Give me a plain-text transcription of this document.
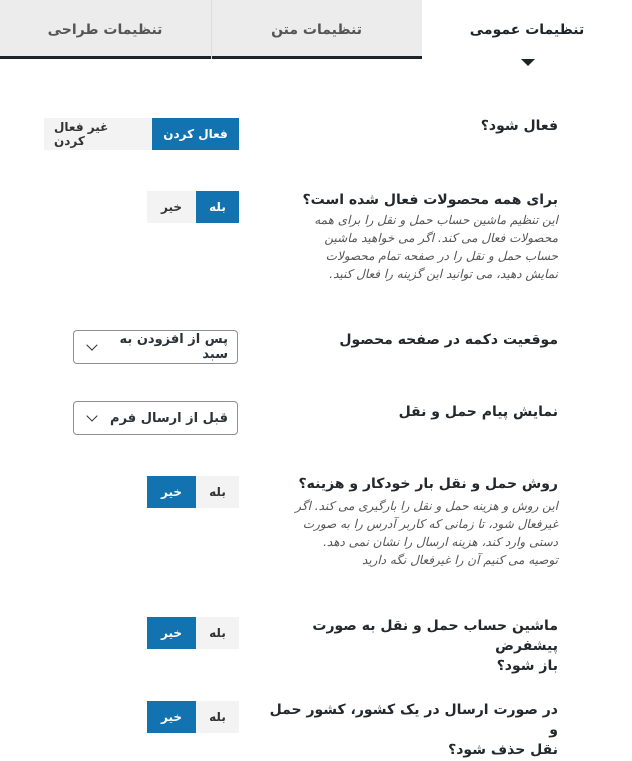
تنظیمات عمومی
تنظیمات متن
تنظیمات طراحی
فعال شود؟
غیر فعال کردن	فعال کردن
برای همه محصولات فعال شده است؟
این تنظیم ماشین حساب حمل و نقل را برای همه
محصولات فعال می کند. اگر می خواهید ماشین
حساب حمل و نقل را در صفحه تمام محصولات
نمایش دهید، می توانید این گزینه را فعال کنید.
خیر	بله
موقعیت دکمه در صفحه محصول
پس از افزودن به سبد
نمایش پیام حمل و نقل
قبل از ارسال فرم
روش حمل و نقل بار خودکار و هزینه؟
این روش و هزینه حمل و نقل را بارگیری می کند. اگر
غیرفعال شود، تا زمانی که کاربر آدرس را به صورت
دستی وارد کند، هزینه ارسال را نشان نمی دهد.
توصیه می کنیم آن را غیرفعال نگه دارید
خیر	بله
ماشین حساب حمل و نقل به صورت پیشفرض
باز شود؟
خیر	بله
در صورت ارسال در یک کشور، کشور حمل و
نقل حذف شود؟
خیر	بله
